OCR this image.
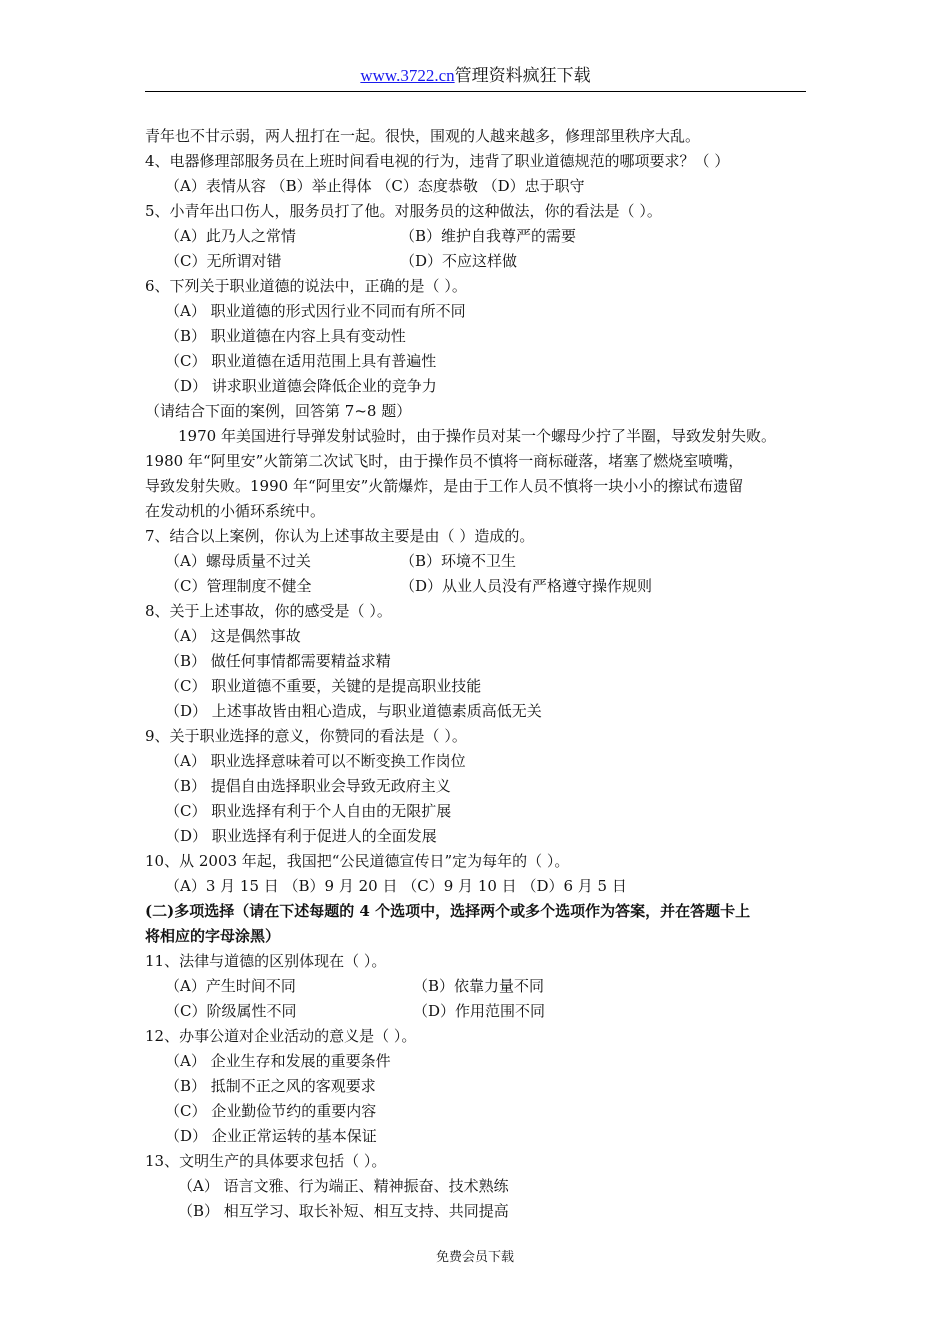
www.3722.cn管理资料疯狂下载
青年也不甘示弱，两人扭打在一起。很快，围观的人越来越多，修理部里秩序大乱。
4、电器修理部服务员在上班时间看电视的行为，违背了职业道德规范的哪项要求？（ ）
（A）表情从容 （B）举止得体 （C）态度恭敬 （D）忠于职守
5、小青年出口伤人，服务员打了他。对服务员的这种做法，你的看法是（ ）。
（A）此乃人之常情	（B）维护自我尊严的需要
（C）无所谓对错	（D）不应这样做
6、下列关于职业道德的说法中，正确的是（ ）。
（A） 职业道德的形式因行业不同而有所不同
（B） 职业道德在内容上具有变动性
（C） 职业道德在适用范围上具有普遍性
（D） 讲求职业道德会降低企业的竞争力
（请结合下面的案例，回答第 7~8 题）
1970 年美国进行导弹发射试验时，由于操作员对某一个螺母少拧了半圈，导致发射失败。
1980 年“阿里安”火箭第二次试飞时，由于操作员不慎将一商标碰落，堵塞了燃烧室喷嘴，
导致发射失败。1990 年“阿里安”火箭爆炸，是由于工作人员不慎将一块小小的擦试布遗留
在发动机的小循环系统中。
7、结合以上案例，你认为上述事故主要是由（ ）造成的。
（A）螺母质量不过关	（B）环境不卫生
（C）管理制度不健全	（D）从业人员没有严格遵守操作规则
8、关于上述事故，你的感受是（ ）。
（A） 这是偶然事故
（B） 做任何事情都需要精益求精
（C） 职业道德不重要，关键的是提高职业技能
（D） 上述事故皆由粗心造成，与职业道德素质高低无关
9、关于职业选择的意义，你赞同的看法是（ ）。
（A） 职业选择意味着可以不断变换工作岗位
（B） 提倡自由选择职业会导致无政府主义
（C） 职业选择有利于个人自由的无限扩展
（D） 职业选择有利于促进人的全面发展
10、从 2003 年起，我国把“公民道德宣传日”定为每年的（ ）。
（A）3 月 15 日 （B）9 月 20 日 （C）9 月 10 日 （D）6 月 5 日
(二)多项选择（请在下述每题的 4 个选项中，选择两个或多个选项作为答案，并在答题卡上
将相应的字母涂黑）
11、法律与道德的区别体现在（ ）。
（A）产生时间不同	（B）依靠力量不同
（C）阶级属性不同	（D）作用范围不同
12、办事公道对企业活动的意义是（ ）。
（A） 企业生存和发展的重要条件
（B） 抵制不正之风的客观要求
（C） 企业勤俭节约的重要内容
（D） 企业正常运转的基本保证
13、文明生产的具体要求包括（ ）。
（A） 语言文雅、行为端正、精神振奋、技术熟练
（B） 相互学习、取长补短、相互支持、共同提高
免费会员下载
